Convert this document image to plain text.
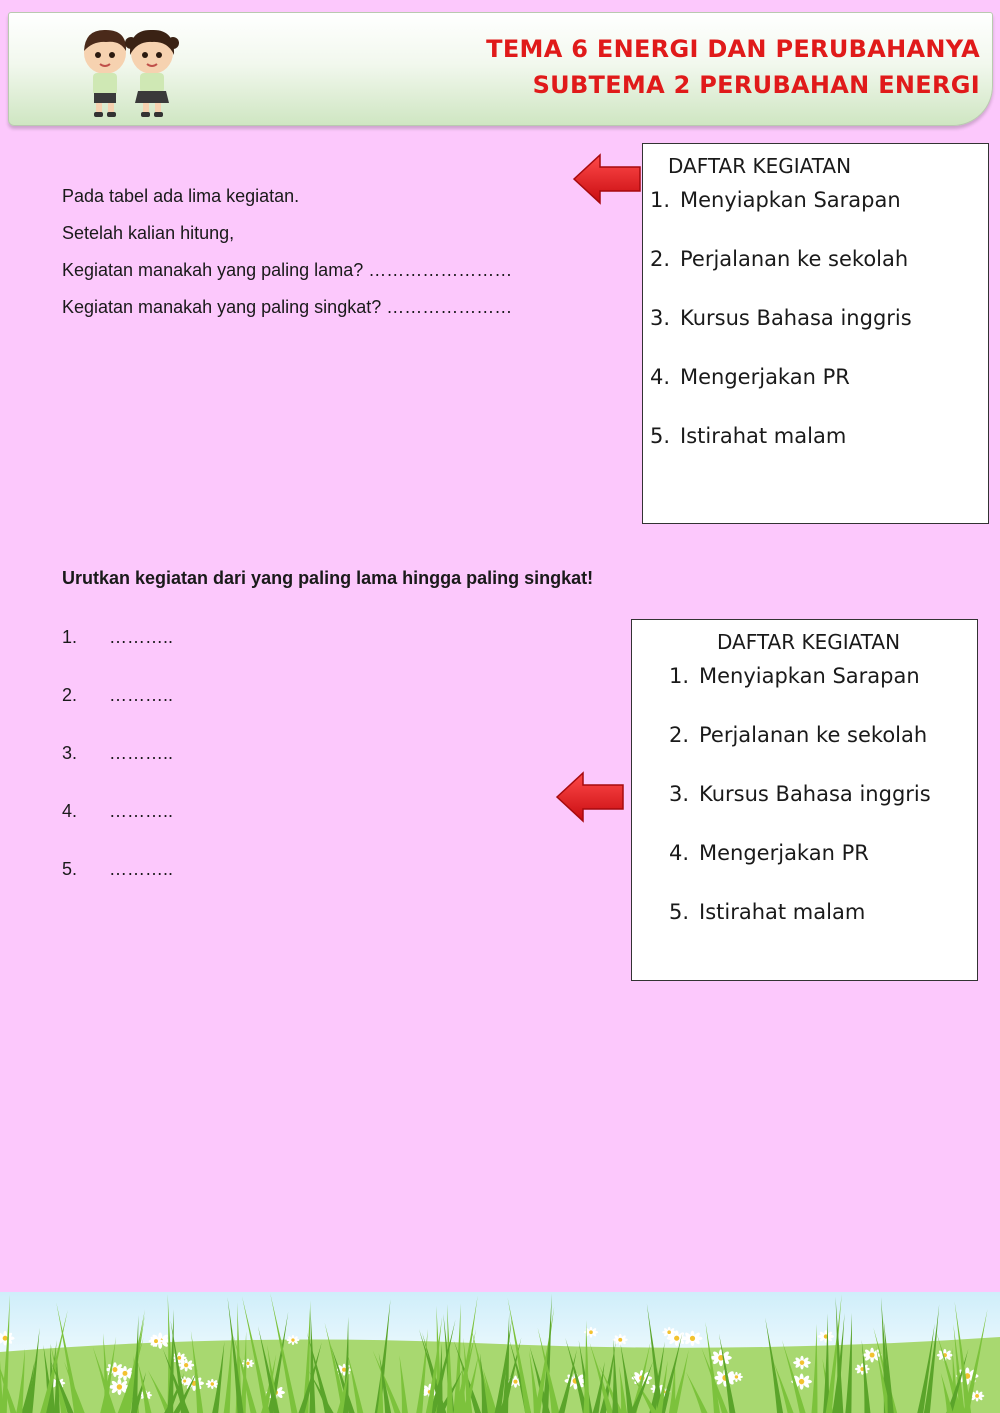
TEMA 6 ENERGI DAN PERUBAHANYA
SUBTEMA 2 PERUBAHAN ENERGI

Pada tabel ada lima kegiatan.

Setelah kalian hitung,

Kegiatan manakah yang paling lama? ……………………

Kegiatan manakah yang paling singkat? …………………

DAFTAR KEGIATAN
1. Menyiapkan Sarapan
2. Perjalanan ke sekolah
3. Kursus Bahasa inggris
4. Mengerjakan PR
5. Istirahat malam

Urutkan kegiatan dari yang paling lama hingga paling singkat!

1. ………..
2. ………..
3. ………..
4. ………..
5. ………..
DAFTAR KEGIATAN
1. Menyiapkan Sarapan
2. Perjalanan ke sekolah
3. Kursus Bahasa inggris
4. Mengerjakan PR
5. Istirahat malam
